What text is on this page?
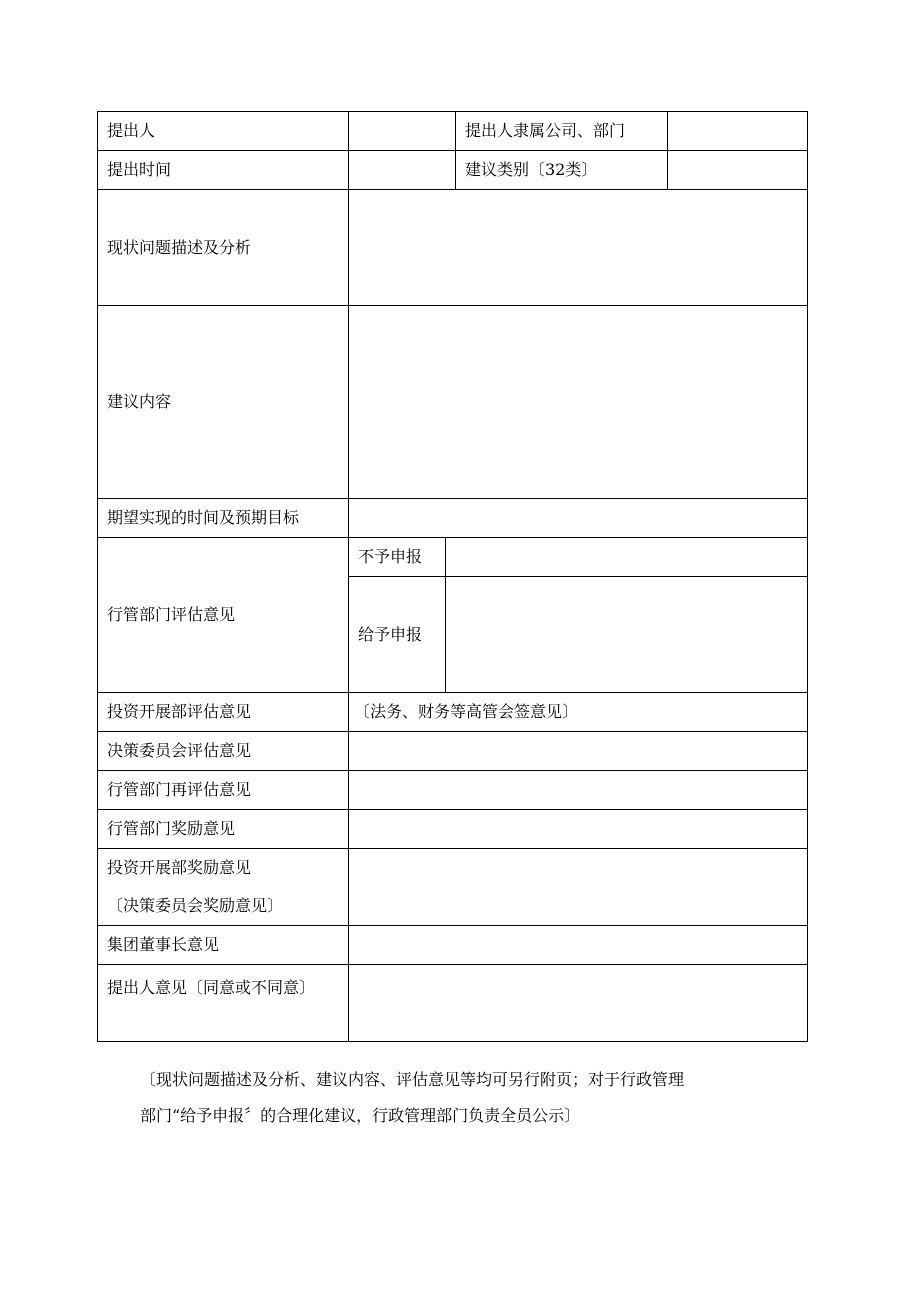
提出人			提出人隶属公司、部门	
提出时间			建议类别〔32类〕	
现状问题描述及分析				
建议内容				
期望实现的时间及预期目标				
行管部门评估意见	不予申报			
	给予申报			
投资开展部评估意见	〔法务、财务等高管会签意见〕			
决策委员会评估意见				
行管部门再评估意见				
行管部门奖励意见				

投资开展部奖励意见
〔决策委员会奖励意见〕				

集团董事长意见				
提出人意见〔同意或不同意〕				
〔现状问题描述及分析、建议内容、评估意见等均可另行附页；对于行政管理
部门“给予申报〞的合理化建议，行政管理部门负责全员公示〕
